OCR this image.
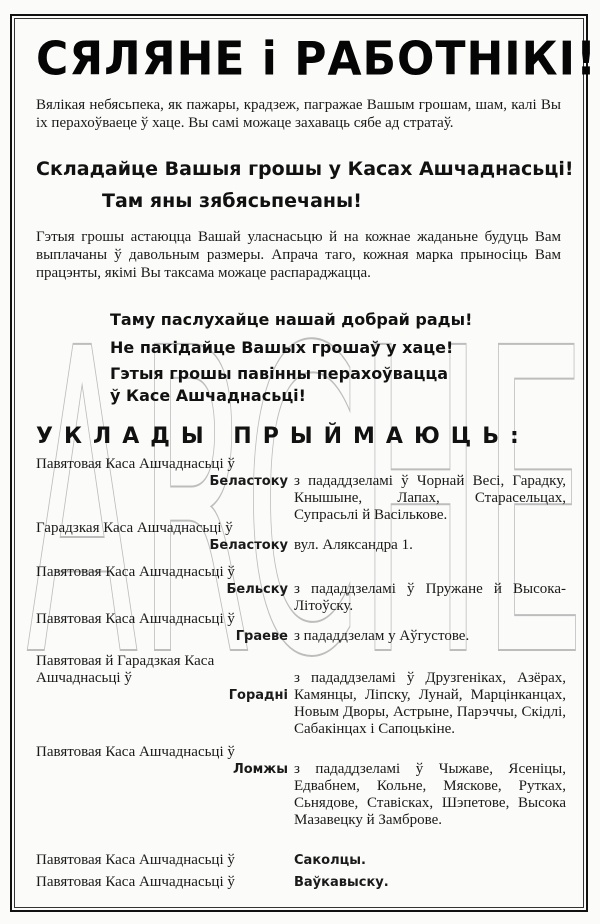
ARCHE
СЯЛЯНЕ і РАБОТНІКІ!
Вялікая небясьпека, як пажары, крадзеж, пагражае Вашым грошам, шам, калі Вы іх перахоўваеце ў хаце. Вы самі можаце захаваць сябе ад стратаў.
Складайце Вашыя грошы у Касах Ашчаднасьці!
Там яны зябясьпечаны!
Гэтыя грошы астаюцца Вашай уласнасьцю й на кожнае жаданьне будуць Вам выплачаны ў давольным размеры. Апрача таго, кожная марка прыносіць Вам працэнты, якімі Вы таксама можаце распараджацца.
Таму паслухайце нашай добрай рады!
Не пакідайце Вашых грошаў у хаце!
Гэтыя грошы павінны перахоўвацца
ў Касе Ашчаднасьці!
УКЛАДЫ ПРЫЙМАЮЦЬ:
Павятовая Каса Ашчаднасьці ў
Беластоку з пададдзеламі ў Чорнай Весі, Гарадку, Кнышыне, Лапах, Старасельцах, Супрасьлі й Васількове.
Гарадзкая Каса Ашчаднасьці ў
Беластоку вул. Аляксандра 1.
Павятовая Каса Ашчаднасьці ў
Бельску з пададдзеламі ў Пружане й Высока-Літоўску.
Павятовая Каса Ашчаднасьці ў
Граеве з пададдзелам у Аўгустове.
Павятовая й Гарадзкая Каса Ашчаднасьці ў
Горадні
з пададдзеламі ў Друзгеніках, Азёрах, Камянцы, Ліпску, Лунай, Марцінканцах, Новым Дворы, Астрыне, Парэччы, Скідлі, Сабакінцах і Сапоцькіне.
Павятовая Каса Ашчаднасьці ў
Ломжы з пададдзеламі ў Чыжаве, Ясеніцы, Едвабнем, Кольне, Мяскове, Рутках, Сьнядове, Ставісках, Шэпетове, Высока Мазавецку й Замброве.
Павятовая Каса Ашчаднасьці ў	Саколцы.
Павятовая Каса Ашчаднасьці ў	Ваўкавыску.
